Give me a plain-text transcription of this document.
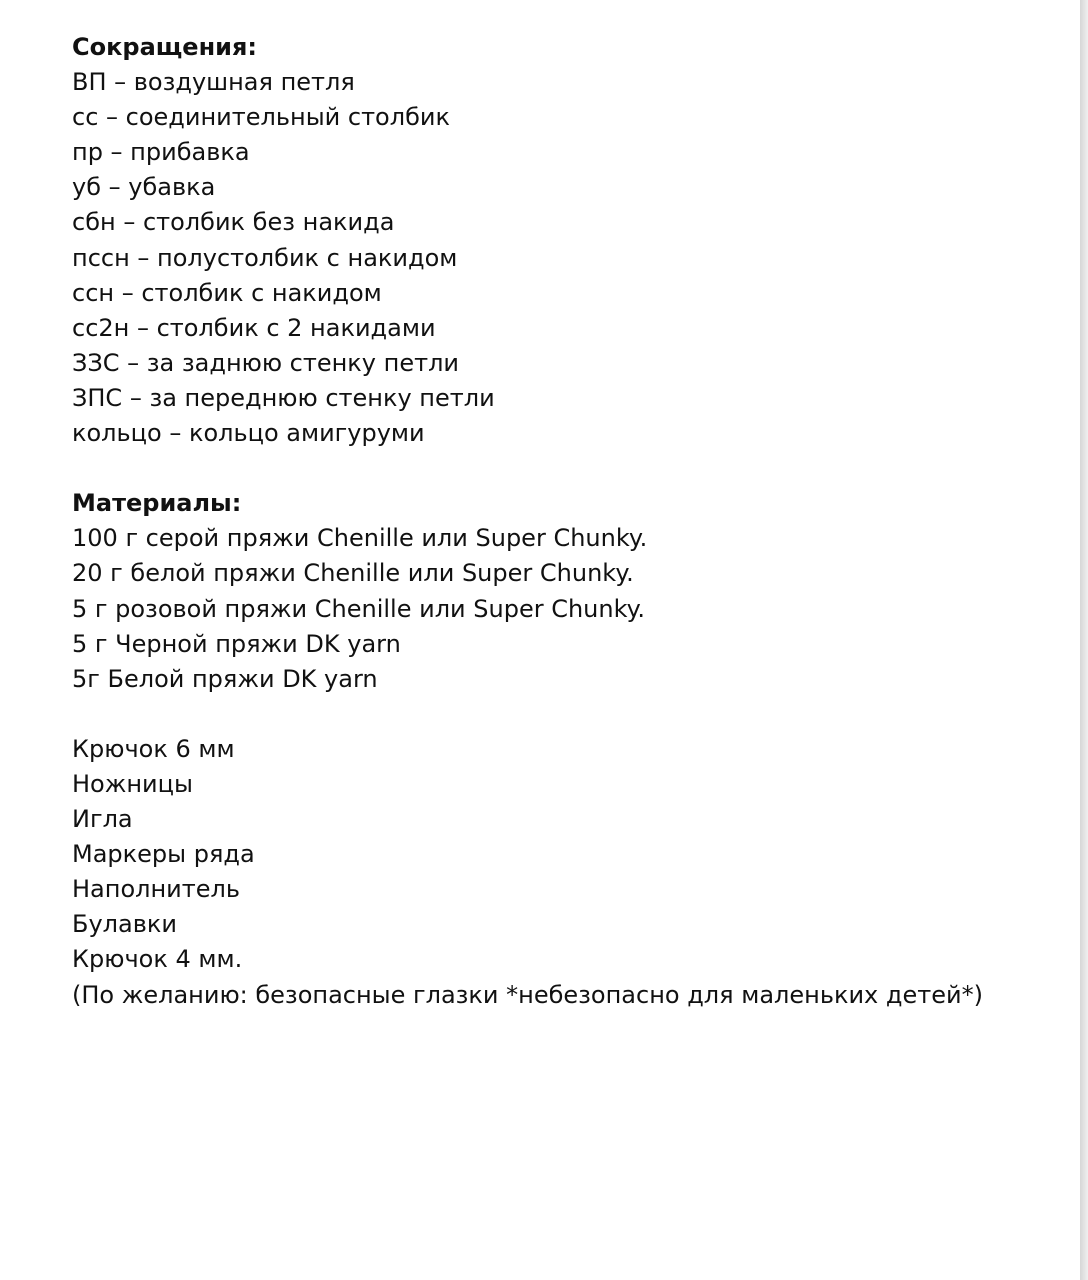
Сокращения:
ВП – воздушная петля
сс – соединительный столбик
пр – прибавка
уб – убавка
сбн – столбик без накида
пссн – полустолбик с накидом
ссн – столбик с накидом
сс2н – столбик с 2 накидами
ЗЗС – за заднюю стенку петли
ЗПС – за переднюю стенку петли
кольцо – кольцо амигуруми
Материалы:
100 г серой пряжи Chenille или Super Chunky.
20 г белой пряжи Chenille или Super Chunky.
5 г розовой пряжи Chenille или Super Chunky.
5 г Черной пряжи DK yarn
5г Белой пряжи DK yarn
Крючок 6 мм
Ножницы
Игла
Маркеры ряда
Наполнитель
Булавки
Крючок 4 мм.
(По желанию: безопасные глазки *небезопасно для маленьких детей*)
